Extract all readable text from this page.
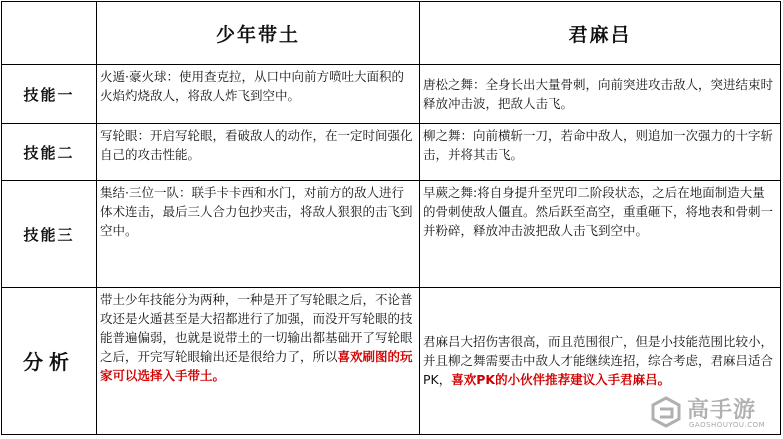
	少年带土	君麻吕
技能一	火遁·豪火球：使用查克拉，从口中向前方喷吐大面积的火焰灼烧敌人，将敌人炸飞到空中。	唐松之舞：全身长出大量骨刺，向前突进攻击敌人，突进结束时释放冲击波，把敌人击飞。
技能二	写轮眼：开启写轮眼，看破敌人的动作，在一定时间强化自己的攻击性能。	柳之舞：向前横斩一刀，若命中敌人，则追加一次强力的十字斩击，并将其击飞。
技能三	集结·三位一队：联手卡卡西和水门，对前方的敌人进行体术连击，最后三人合力包抄夹击，将敌人狠狠的击飞到空中。	早蕨之舞:将自身提升至咒印二阶段状态，之后在地面制造大量的骨刺使敌人僵直。然后跃至高空，重重砸下，将地表和骨刺一并粉碎，释放冲击波把敌人击飞到空中。
分析	带土少年技能分为两种，一种是开了写轮眼之后，不论普攻还是火遁甚至是大招都进行了加强，而没开写轮眼的技能普遍偏弱，也就是说带土的一切输出都基础开了写轮眼之后，开完写轮眼输出还是很给力了，所以喜欢刷图的玩家可以选择入手带土。	君麻吕大招伤害很高，而且范围很广，但是小技能范围比较小，并且柳之舞需要击中敌人才能继续连招，综合考虑，君麻吕适合PK，喜欢PK的小伙伴推荐建议入手君麻吕。
高手游
GAOSHOUYOU.COM
